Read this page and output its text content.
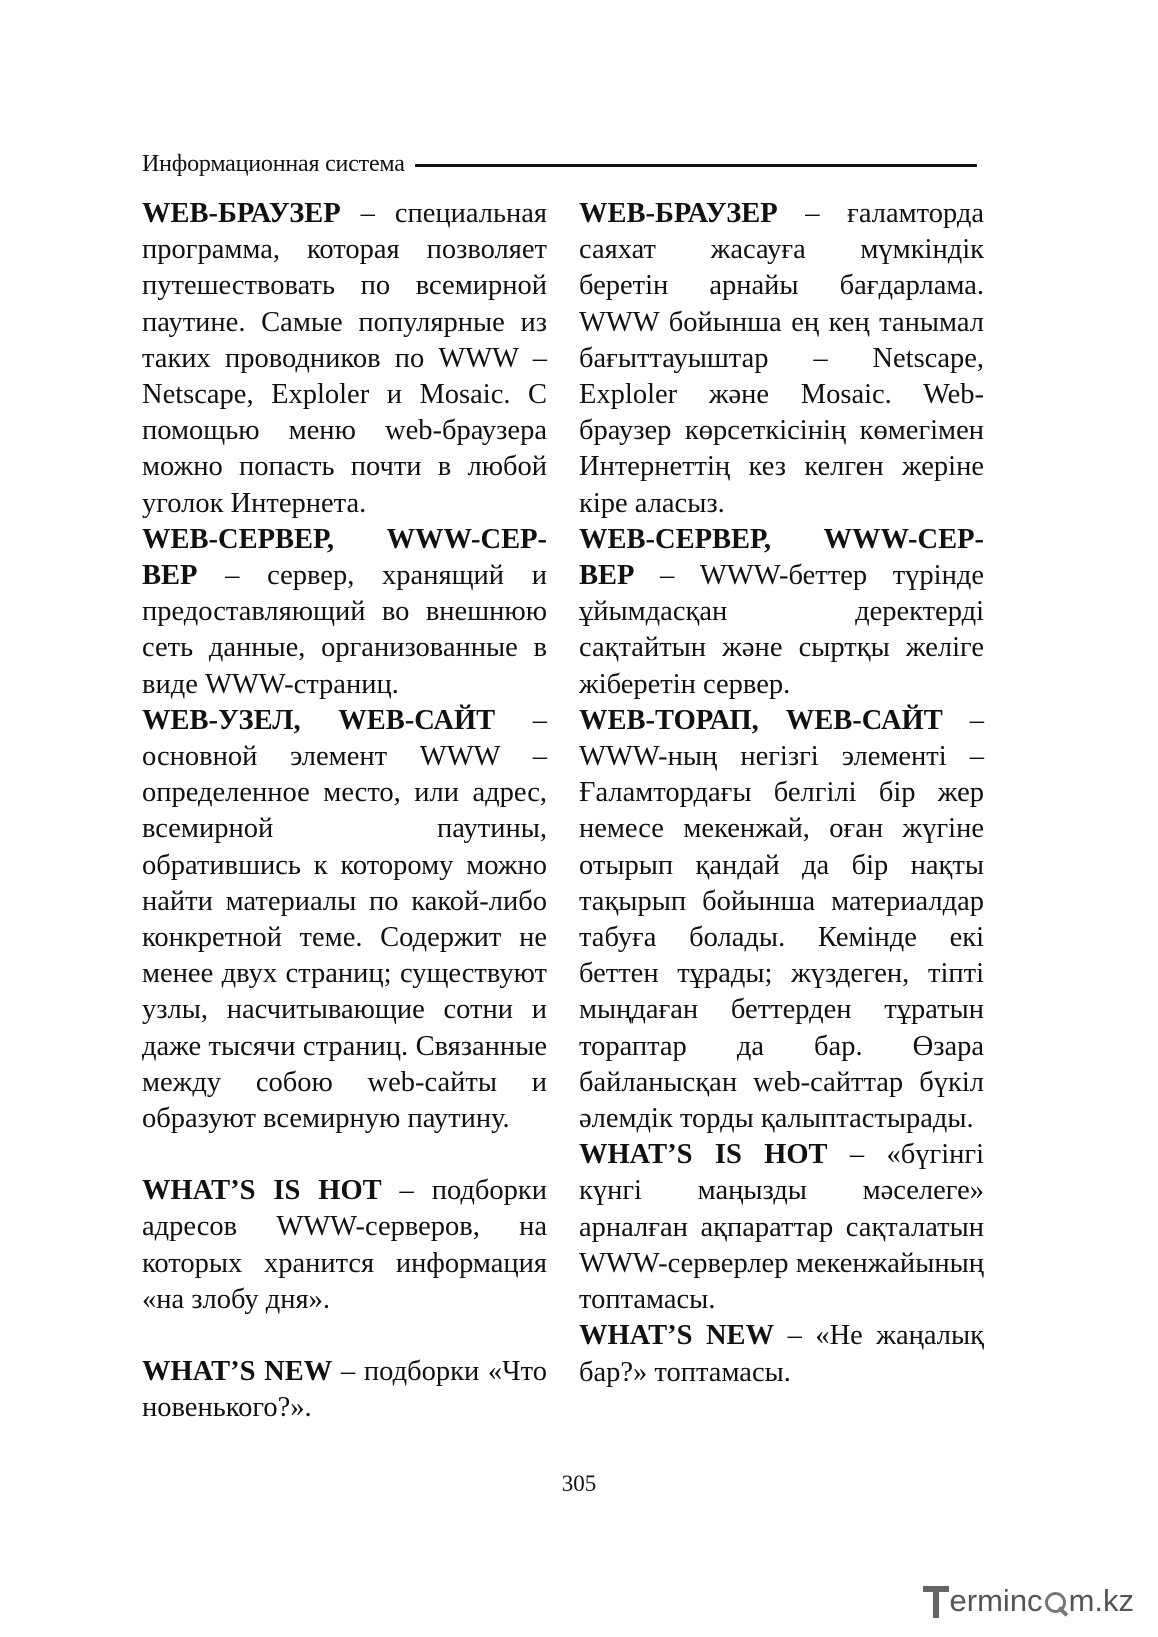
Информационная система

WEB-БРАУЗЕР – специальная программа, которая позволяет путешествовать по всемирной паутине. Самые популярные из таких проводников по WWW – Netscape, Exploler и Mosaic. С помощью меню web-браузера можно попасть почти в любой уголок Интернета.

WEB-СЕРВЕР, WWW-СЕР-ВЕР – сервер, хранящий и предоставляющий во внешнюю сеть данные, организованные в виде WWW-страниц.

WEB-УЗЕЛ, WEB-САЙТ – основной элемент WWW – определенное место, или адрес, всемирной паутины, обратившись к которому можно найти материалы по какой-либо конкретной теме. Содержит не менее двух страниц; существуют узлы, насчитывающие сотни и даже тысячи страниц. Связанные между собою web-сайты и образуют всемирную паутину.

WHAT’S IS HOT – подборки адресов WWW-серверов, на которых хранится информация «на злобу дня».

WHAT’S NEW – подборки «Что новенького?».

WEB-БРАУЗЕР – ғаламторда саяхат жасауға мүмкіндік беретін арнайы бағдарлама. WWW бойынша ең кең танымал бағыттауыштар – Netscape, Exploler және Mosaic. Web-браузер көрсеткісінің көмегімен Интернеттің кез келген жеріне кіре аласыз.

WEB-СЕРВЕР, WWW-СЕР-ВЕР – WWW-беттер түрінде ұйымдасқан деректерді сақтайтын және сыртқы желіге жіберетін сервер.

WEB-ТОРАП, WEB-САЙТ – WWW-ның негізгі элементі – Ғаламтордағы белгілі бір жер немесе мекенжай, оған жүгіне отырып қандай да бір нақты тақырып бойынша материалдар табуға болады. Кемінде екі беттен тұрады; жүздеген, тіпті мыңдаған беттерден тұратын тораптар да бар. Өзара байланысқан web-сайттар бүкіл әлемдік торды қалыптастырады.

WHAT’S IS HOT – «бүгінгі күнгі маңызды мәселеге» арналған ақпараттар сақталатын WWW-серверлер мекенжайының топтамасы.

WHAT’S NEW – «Не жаңалық бар?» топтамасы.

305
erminc m.kz
